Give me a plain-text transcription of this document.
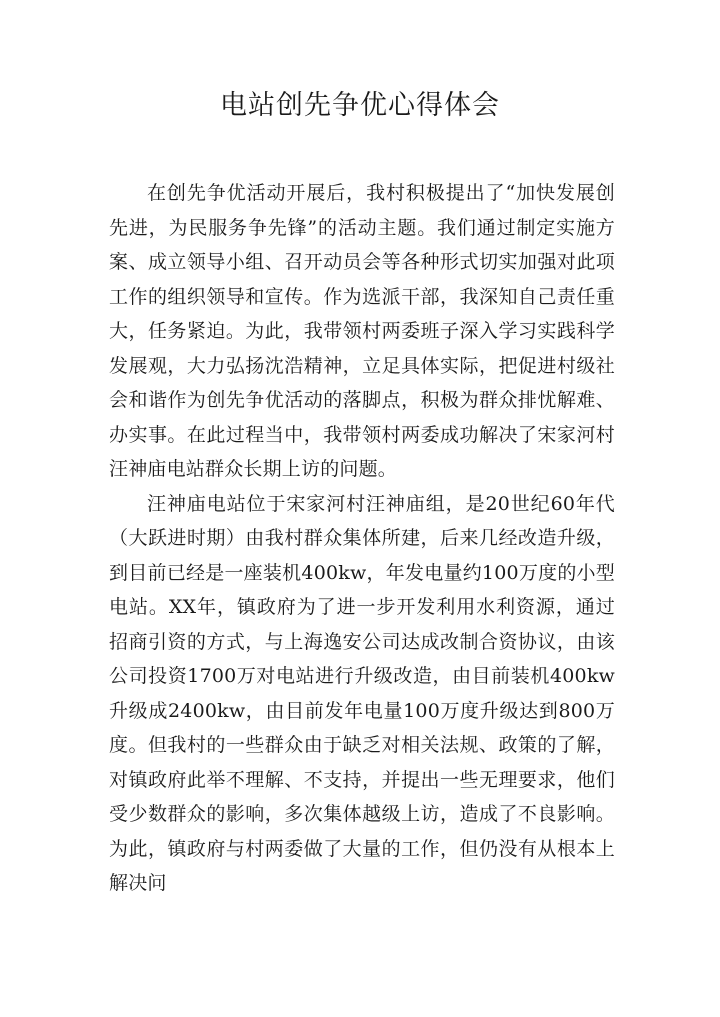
电站创先争优心得体会

在创先争优活动开展后，我村积极提出了“加快发展创先进，为民服务争先锋”的活动主题。我们通过制定实施方案、成立领导小组、召开动员会等各种形式切实加强对此项工作的组织领导和宣传。作为选派干部，我深知自己责任重大，任务紧迫。为此，我带领村两委班子深入学习实践科学发展观，大力弘扬沈浩精神，立足具体实际，把促进村级社会和谐作为创先争优活动的落脚点，积极为群众排忧解难、办实事。在此过程当中，我带领村两委成功解决了宋家河村汪神庙电站群众长期上访的问题。

汪神庙电站位于宋家河村汪神庙组，是20世纪60年代（大跃进时期）由我村群众集体所建，后来几经改造升级，到目前已经是一座装机400kw，年发电量约100万度的小型电站。XX年，镇政府为了进一步开发利用水利资源，通过招商引资的方式，与上海逸安公司达成改制合资协议，由该公司投资1700万对电站进行升级改造，由目前装机400kw升级成2400kw，由目前发年电量100万度升级达到800万度。但我村的一些群众由于缺乏对相关法规、政策的了解，对镇政府此举不理解、不支持，并提出一些无理要求，他们受少数群众的影响，多次集体越级上访，造成了不良影响。为此，镇政府与村两委做了大量的工作，但仍没有从根本上解决问
